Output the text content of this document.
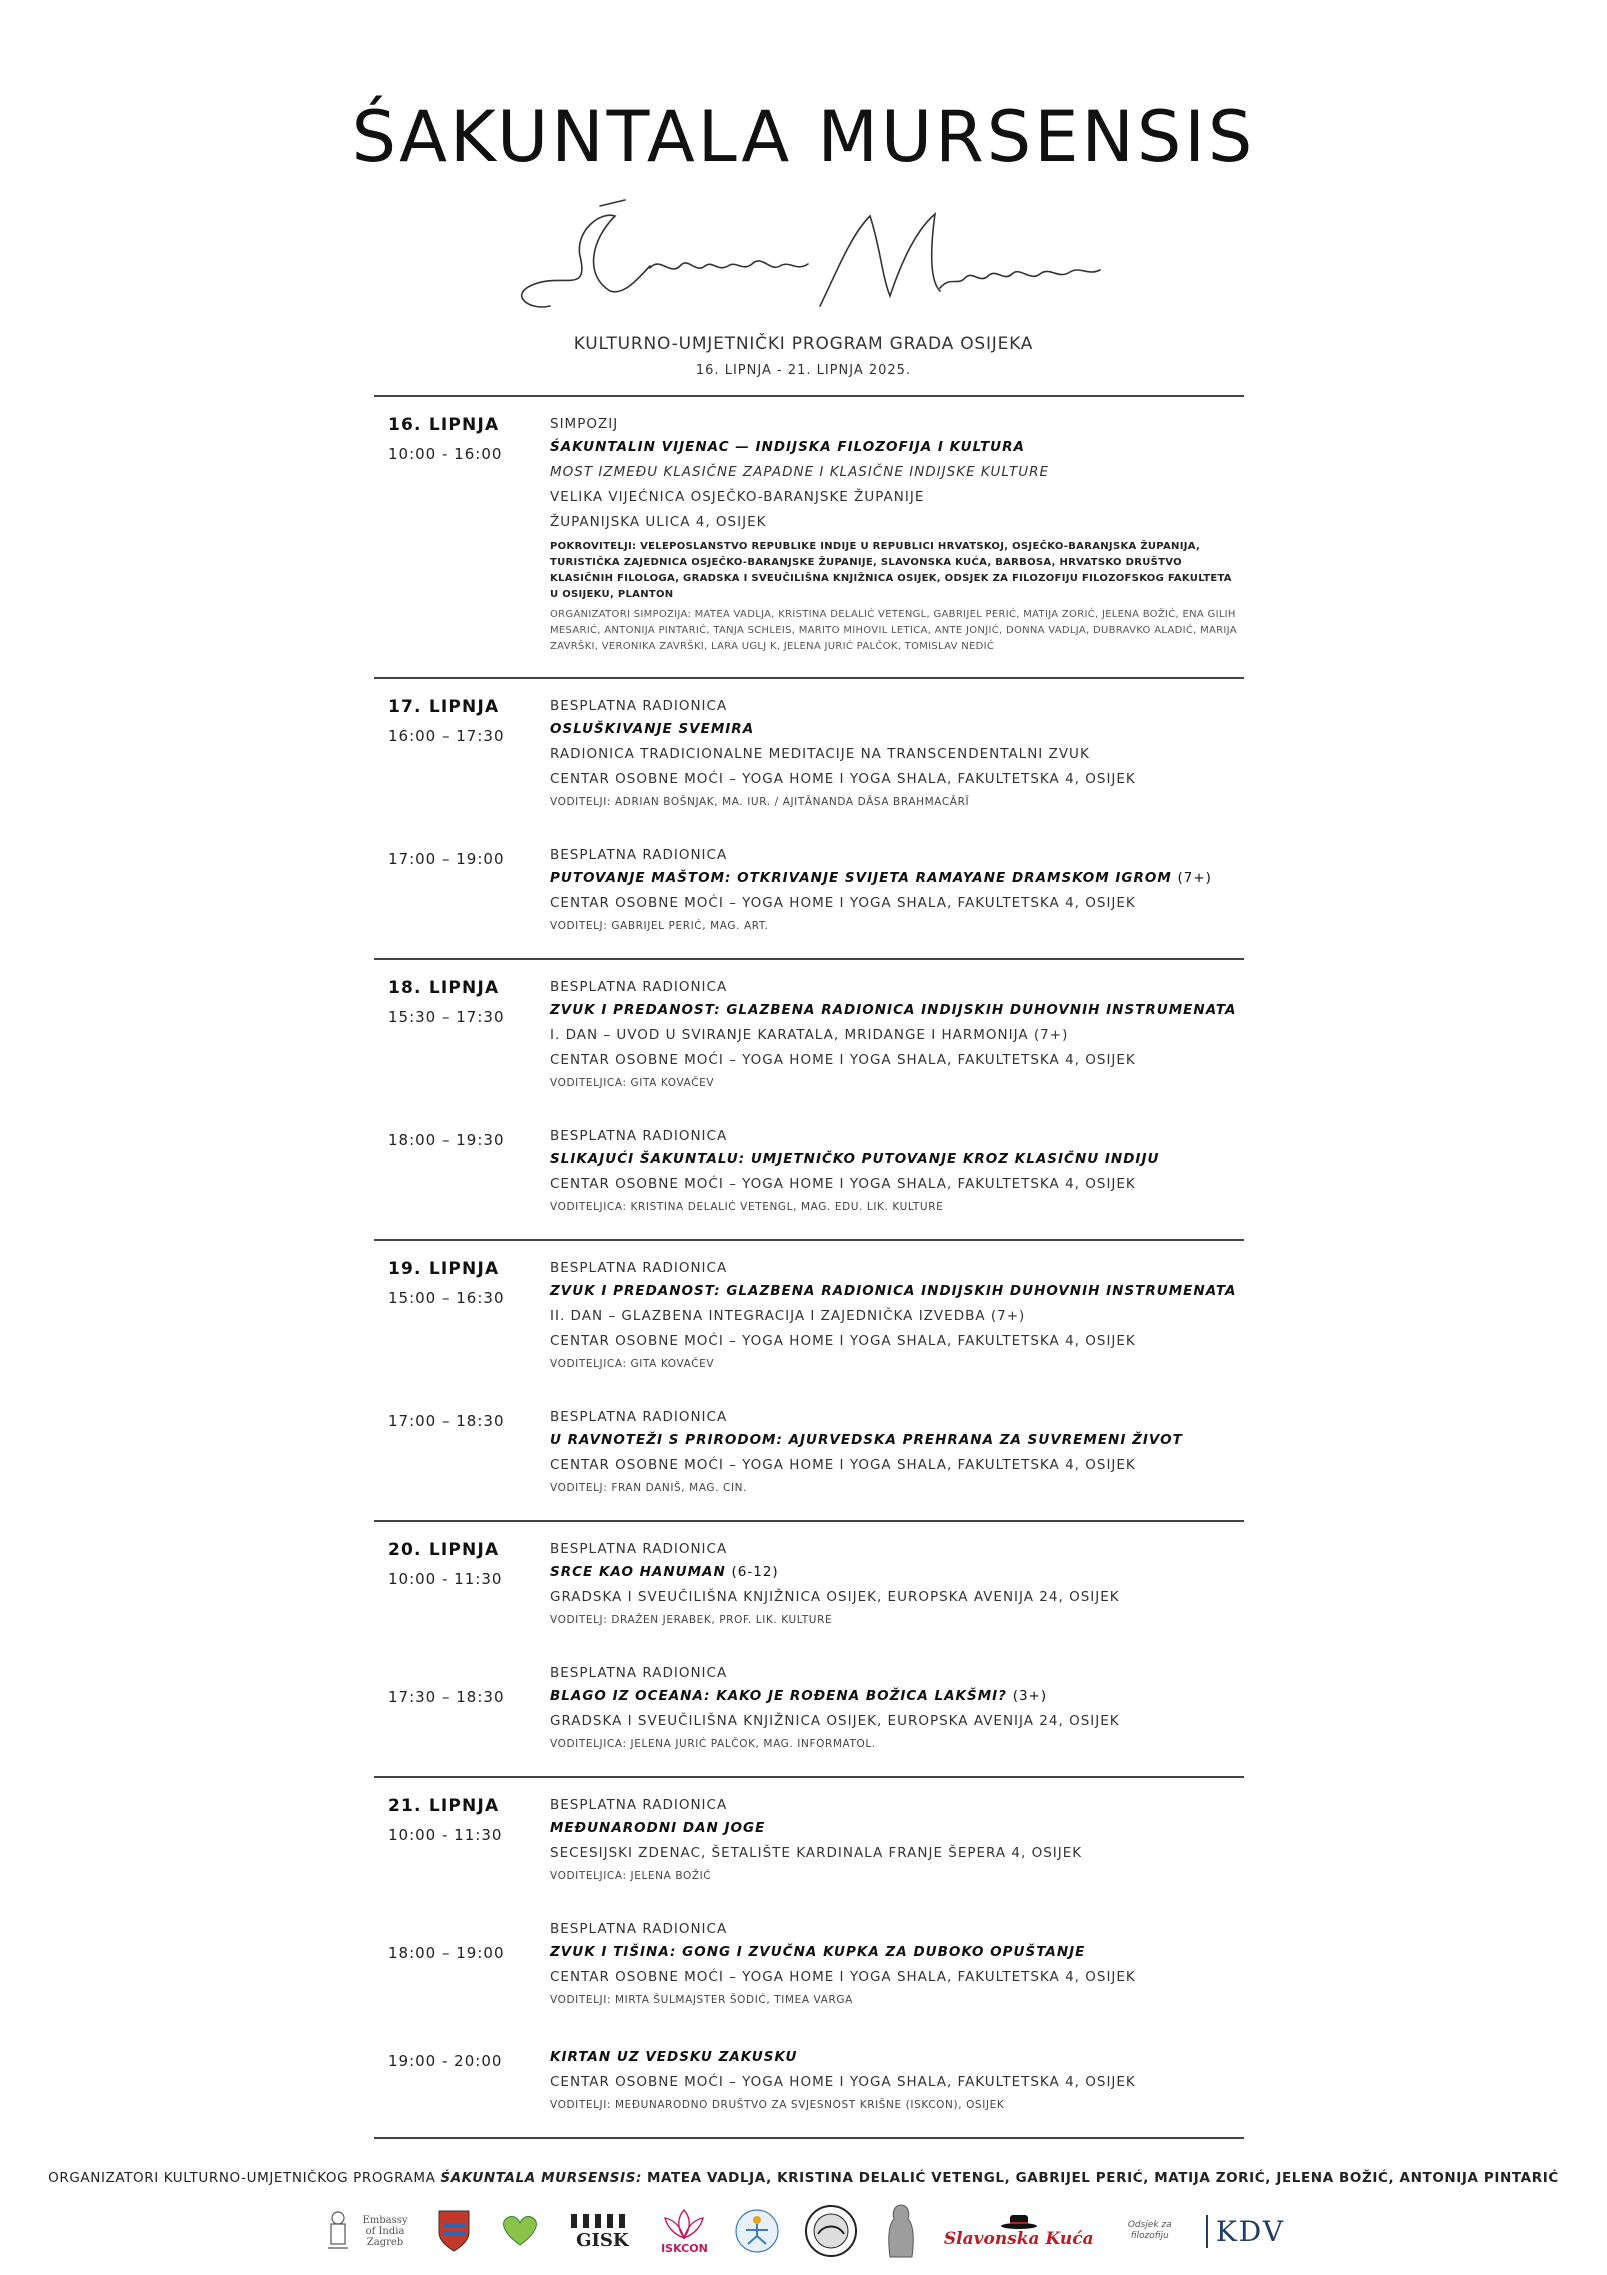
ŚAKUNTALA MURSENSIS
KULTURNO-UMJETNIČKI PROGRAM GRADA OSIJEKA
16. LIPNJA - 21. LIPNJA 2025.
16. LIPNJA
10:00 - 16:00
SIMPOZIJ
ŚAKUNTALIN VIJENAC — INDIJSKA FILOZOFIJA I KULTURA
MOST IZMEĐU KLASIČNE ZAPADNE I KLASIČNE INDIJSKE KULTURE
VELIKA VIJEĆNICA OSJEČKO-BARANJSKE ŽUPANIJE
ŽUPANIJSKA ULICA 4, OSIJEK
POKROVITELJI: VELEPOSLANSTVO REPUBLIKE INDIJE U REPUBLICI HRVATSKOJ, OSJEČKO-BARANJSKA ŽUPANIJA, TURISTIČKA ZAJEDNICA OSJEČKO-BARANJSKE ŽUPANIJE, SLAVONSKA KUĆA, BARBOSA, HRVATSKO DRUŠTVO KLASIČNIH FILOLOGA, GRADSKA I SVEUČILIŠNA KNJIŽNICA OSIJEK, ODSJEK ZA FILOZOFIJU FILOZOFSKOG FAKULTETA U OSIJEKU, PLANTON
ORGANIZATORI SIMPOZIJA: MATEA VADLJA, KRISTINA DELALIĆ VETENGL, GABRIJEL PERIĆ, MATIJA ZORIĆ, JELENA BOŽIĆ, ENA GILIH MESARIĆ, ANTONIJA PINTARIĆ, TANJA SCHLEIS, MARITO MIHOVIL LETICA, ANTE JONJIĆ, DONNA VADLJA, DUBRAVKO ALADIĆ, MARIJA ZAVRŠKI, VERONIKA ZAVRŠKI, LARA UGLJ K, JELENA JURIĆ PALČOK, TOMISLAV NEDIĆ
17. LIPNJA
16:00 – 17:30
BESPLATNA RADIONICA
OSLUŠKIVANJE SVEMIRA
RADIONICA TRADICIONALNE MEDITACIJE NA TRANSCENDENTALNI ZVUK
CENTAR OSOBNE MOĆI – YOGA HOME I YOGA SHALA, FAKULTETSKA 4, OSIJEK
VODITELJI: ADRIAN BOŠNJAK, MA. IUR. / AJITĀNANDA DĀSA BRAHMACĀRĪ
17:00 – 19:00	BESPLATNA RADIONICA
PUTOVANJE MAŠTOM: OTKRIVANJE SVIJETA RAMAYANE DRAMSKOM IGROM (7+)
CENTAR OSOBNE MOĆI – YOGA HOME I YOGA SHALA, FAKULTETSKA 4, OSIJEK
VODITELJ: GABRIJEL PERIĆ, MAG. ART.
18. LIPNJA
15:30 – 17:30
BESPLATNA RADIONICA
ZVUK I PREDANOST: GLAZBENA RADIONICA INDIJSKIH DUHOVNIH INSTRUMENATA
I. DAN – UVOD U SVIRANJE KARATALA, MRIDANGE I HARMONIJA (7+)
CENTAR OSOBNE MOĆI – YOGA HOME I YOGA SHALA, FAKULTETSKA 4, OSIJEK
VODITELJICA: GITA KOVAČEV
18:00 – 19:30	BESPLATNA RADIONICA
SLIKAJUĆI ŠAKUNTALU: UMJETNIČKO PUTOVANJE KROZ KLASIČNU INDIJU
CENTAR OSOBNE MOĆI – YOGA HOME I YOGA SHALA, FAKULTETSKA 4, OSIJEK
VODITELJICA: KRISTINA DELALIĆ VETENGL, MAG. EDU. LIK. KULTURE
19. LIPNJA
15:00 – 16:30
BESPLATNA RADIONICA
ZVUK I PREDANOST: GLAZBENA RADIONICA INDIJSKIH DUHOVNIH INSTRUMENATA
II. DAN – GLAZBENA INTEGRACIJA I ZAJEDNIČKA IZVEDBA (7+)
CENTAR OSOBNE MOĆI – YOGA HOME I YOGA SHALA, FAKULTETSKA 4, OSIJEK
VODITELJICA: GITA KOVAČEV
17:00 – 18:30	BESPLATNA RADIONICA
U RAVNOTEŽI S PRIRODOM: AJURVEDSKA PREHRANA ZA SUVREMENI ŽIVOT
CENTAR OSOBNE MOĆI – YOGA HOME I YOGA SHALA, FAKULTETSKA 4, OSIJEK
VODITELJ: FRAN DANIŠ, MAG. CIN.
20. LIPNJA
10:00 - 11:30
BESPLATNA RADIONICA
SRCE KAO HANUMAN (6-12)
GRADSKA I SVEUČILIŠNA KNJIŽNICA OSIJEK, EUROPSKA AVENIJA 24, OSIJEK
VODITELJ: DRAŽEN JERABEK, PROF. LIK. KULTURE
17:30 – 18:30
BESPLATNA RADIONICA
BLAGO IZ OCEANA: KAKO JE ROĐENA BOŽICA LAKŠMI? (3+)
GRADSKA I SVEUČILIŠNA KNJIŽNICA OSIJEK, EUROPSKA AVENIJA 24, OSIJEK
VODITELJICA: JELENA JURIĆ PALČOK, MAG. INFORMATOL.
21. LIPNJA
10:00 - 11:30
BESPLATNA RADIONICA
MEĐUNARODNI DAN JOGE
SECESIJSKI ZDENAC, ŠETALIŠTE KARDINALA FRANJE ŠEPERA 4, OSIJEK
VODITELJICA: JELENA BOŽIĆ
18:00 – 19:00
BESPLATNA RADIONICA
ZVUK I TIŠINA: GONG I ZVUČNA KUPKA ZA DUBOKO OPUŠTANJE
CENTAR OSOBNE MOĆI – YOGA HOME I YOGA SHALA, FAKULTETSKA 4, OSIJEK
VODITELJI: MIRTA ŠULMAJSTER ŠODIĆ, TIMEA VARGA
19:00 - 20:00	KIRTAN UZ VEDSKU ZAKUSKU
CENTAR OSOBNE MOĆI – YOGA HOME I YOGA SHALA, FAKULTETSKA 4, OSIJEK
VODITELJI: MEĐUNARODNO DRUŠTVO ZA SVJESNOST KRIŠNE (ISKCON), OSIJEK
ORGANIZATORI KULTURNO-UMJETNIČKOG PROGRAMA ŚAKUNTALA MURSENSIS: MATEA VADLJA, KRISTINA DELALIĆ VETENGL, GABRIJEL PERIĆ, MATIJA ZORIĆ, JELENA BOŽIĆ, ANTONIJA PINTARIĆ
Embassy of India Zagreb	GISK	ISKCON	Slavonska Kuća
Odsjek za filozofiju	KDV
